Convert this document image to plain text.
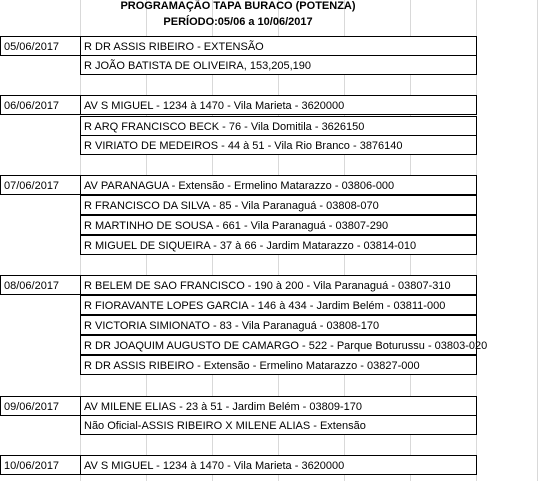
PROGRAMAÇÃO TAPA BURACO (POTENZA)
PERÍODO:05/06 a 10/06/2017
05/06/2017	R DR ASSIS RIBEIRO - EXTENSÃO
R JOÃO BATISTA DE OLIVEIRA, 153,205,190
06/06/2017	AV S MIGUEL - 1234 à 1470 - Vila Marieta - 3620000
R ARQ FRANCISCO BECK - 76 - Vila Domitila - 3626150
R VIRIATO DE MEDEIROS - 44 à 51 - Vila Rio Branco - 3876140
07/06/2017	AV PARANAGUA - Extensão - Ermelino Matarazzo - 03806-000
R FRANCISCO DA SILVA - 85 - Vila Paranaguá - 03808-070
R MARTINHO DE SOUSA - 661 - Vila Paranaguá - 03807-290
R MIGUEL DE SIQUEIRA - 37 à 66 - Jardim Matarazzo - 03814-010
08/06/2017	R BELEM DE SAO FRANCISCO - 190 à 200 - Vila Paranaguá - 03807-310
R FIORAVANTE LOPES GARCIA - 146 à 434 - Jardim Belém - 03811-000
R VICTORIA SIMIONATO - 83 - Vila Paranaguá - 03808-170
R DR JOAQUIM AUGUSTO DE CAMARGO - 522 - Parque Boturussu - 03803-020
R DR ASSIS RIBEIRO - Extensão - Ermelino Matarazzo - 03827-000
09/06/2017	AV MILENE ELIAS - 23 à 51 - Jardim Belém - 03809-170
Não Oficial-ASSIS RIBEIRO X MILENE ALIAS - Extensão
10/06/2017	AV S MIGUEL - 1234 à 1470 - Vila Marieta - 3620000
